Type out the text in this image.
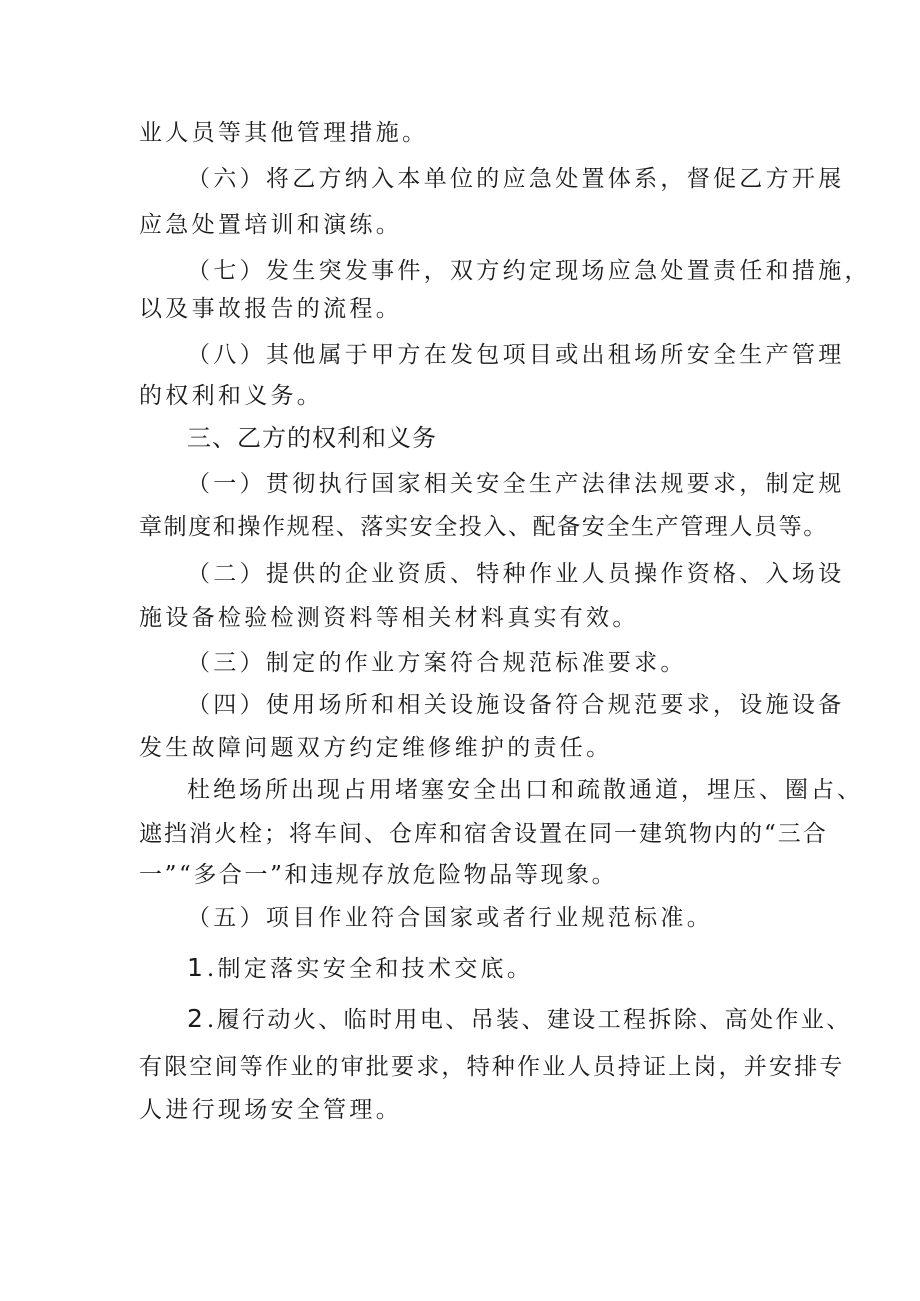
业人员等其他管理措施。
（六）将乙方纳入本单位的应急处置体系，督促乙方开展
应急处置培训和演练。
（七）发生突发事件，双方约定现场应急处置责任和措施，
以及事故报告的流程。
（八）其他属于甲方在发包项目或出租场所安全生产管理
的权利和义务。
三、乙方的权利和义务
（一）贯彻执行国家相关安全生产法律法规要求，制定规
章制度和操作规程、落实安全投入、配备安全生产管理人员等。
（二）提供的企业资质、特种作业人员操作资格、入场设
施设备检验检测资料等相关材料真实有效。
（三）制定的作业方案符合规范标准要求。
（四）使用场所和相关设施设备符合规范要求，设施设备
发生故障问题双方约定维修维护的责任。
杜绝场所出现占用堵塞安全出口和疏散通道，埋压、圈占、
遮挡消火栓；将车间、仓库和宿舍设置在同一建筑物内的“三合
一”“多合一”和违规存放危险物品等现象。
（五）项目作业符合国家或者行业规范标准。
1.制定落实安全和技术交底。
2.履行动火、临时用电、吊装、建设工程拆除、高处作业、
有限空间等作业的审批要求，特种作业人员持证上岗，并安排专
人进行现场安全管理。
